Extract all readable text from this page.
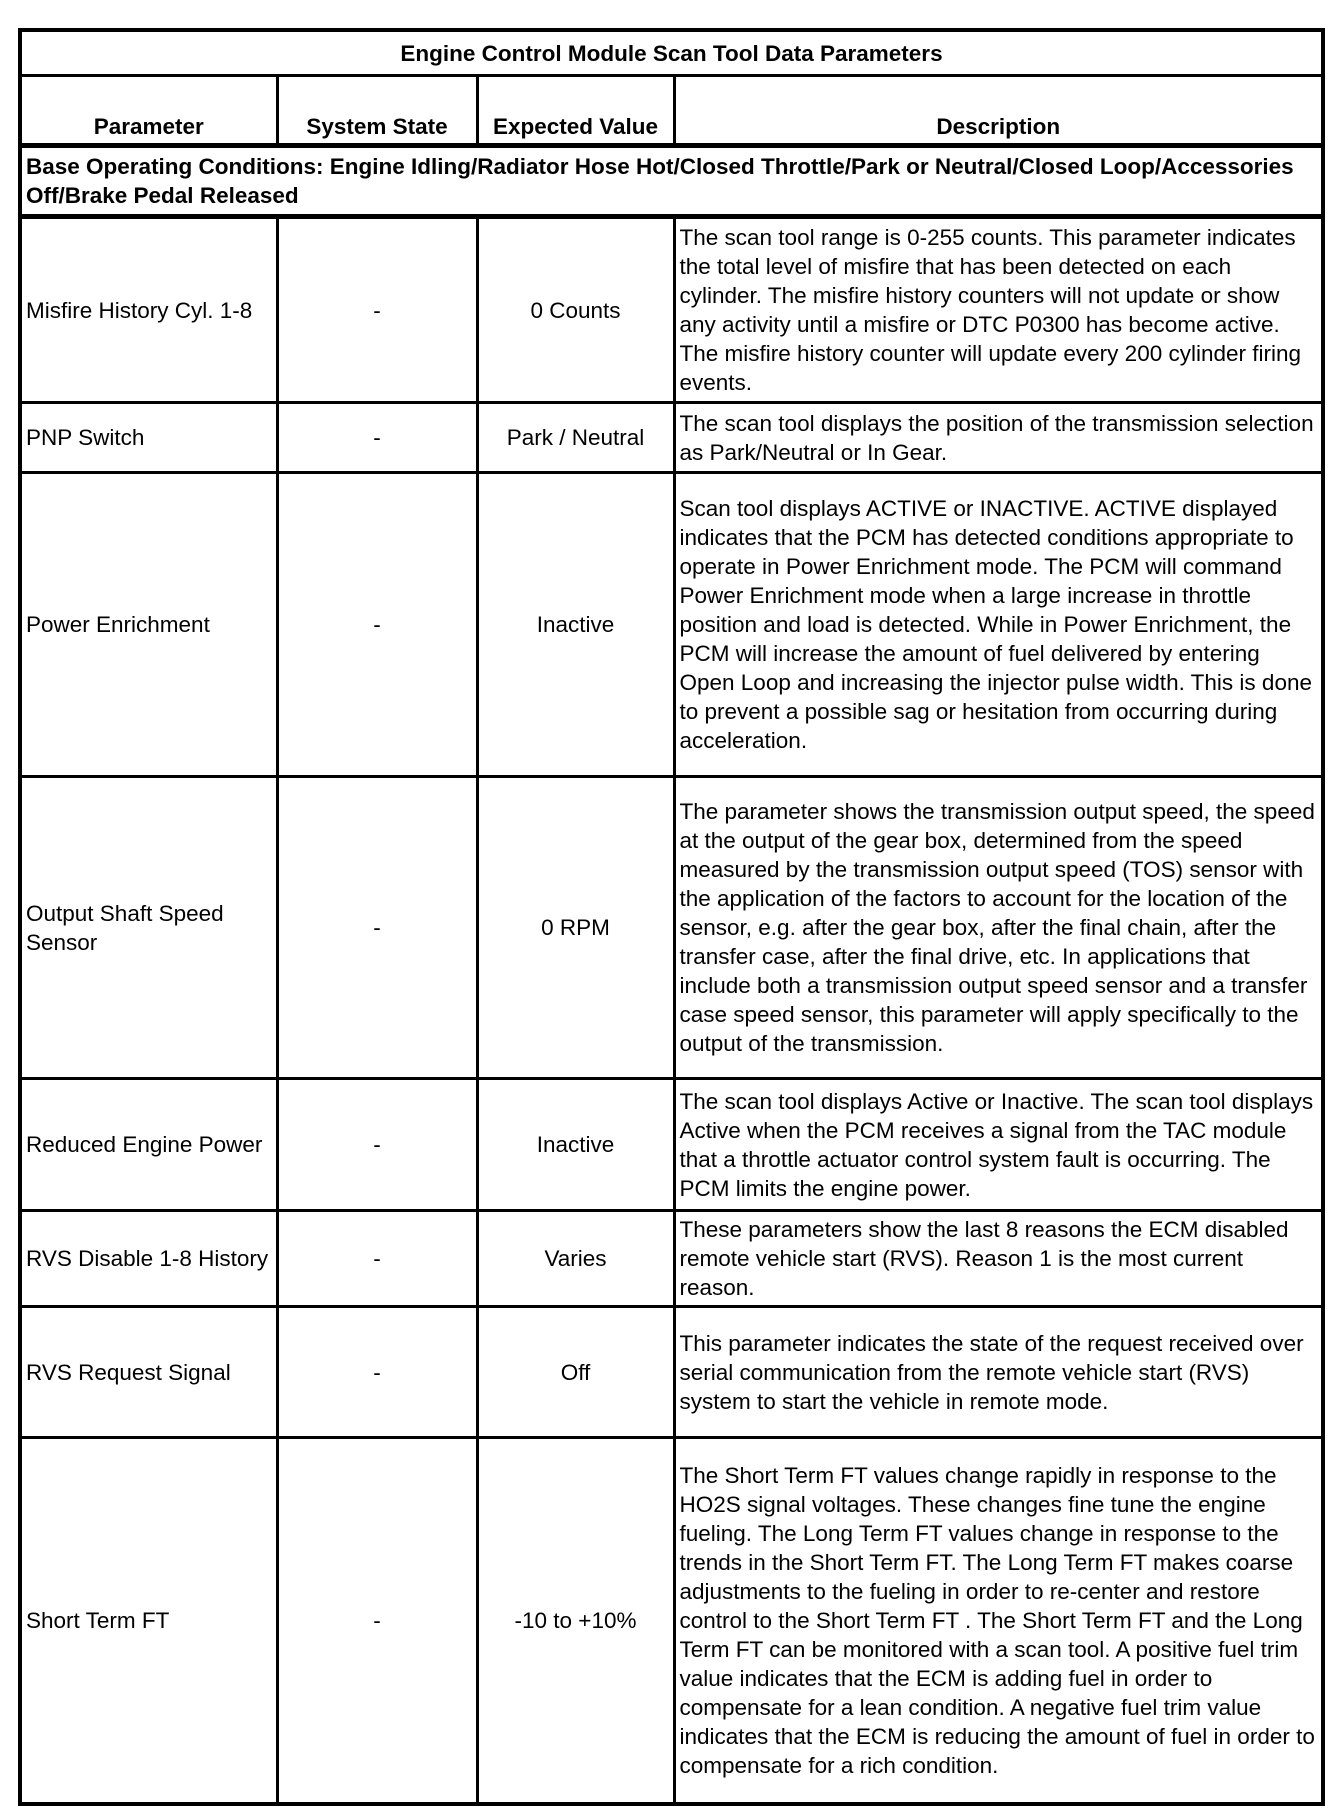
Engine Control Module Scan Tool Data Parameters			
Parameter	System State	Expected Value	Description
Base Operating Conditions: Engine Idling/Radiator Hose Hot/Closed Throttle/Park or Neutral/Closed Loop/Accessories Off/Brake Pedal Released			
Misfire History Cyl. 1-8	-	0 Counts	The scan tool range is 0-255 counts. This parameter indicates the total level of misfire that has been detected on each cylinder. The misfire history counters will not update or show any activity until a misfire or DTC P0300 has become active. The misfire history counter will update every 200 cylinder firing events.
PNP Switch	-	Park / Neutral	The scan tool displays the position of the transmission selection as Park/Neutral or In Gear.
Power Enrichment	-	Inactive	Scan tool displays ACTIVE or INACTIVE. ACTIVE displayed indicates that the PCM has detected conditions appropriate to operate in Power Enrichment mode. The PCM will command Power Enrichment mode when a large increase in throttle position and load is detected. While in Power Enrichment, the PCM will increase the amount of fuel delivered by entering Open Loop and increasing the injector pulse width. This is done to prevent a possible sag or hesitation from occurring during acceleration.
Output Shaft Speed Sensor	-	0 RPM	The parameter shows the transmission output speed, the speed at the output of the gear box, determined from the speed measured by the transmission output speed (TOS) sensor with the application of the factors to account for the location of the sensor, e.g. after the gear box, after the final chain, after the transfer case, after the final drive, etc. In applications that include both a transmission output speed sensor and a transfer case speed sensor, this parameter will apply specifically to the output of the transmission.
Reduced Engine Power	-	Inactive	The scan tool displays Active or Inactive. The scan tool displays Active when the PCM receives a signal from the TAC module that a throttle actuator control system fault is occurring. The PCM limits the engine power.
RVS Disable 1-8 History	-	Varies	These parameters show the last 8 reasons the ECM disabled remote vehicle start (RVS). Reason 1 is the most current reason.
RVS Request Signal	-	Off	This parameter indicates the state of the request received over serial communication from the remote vehicle start (RVS) system to start the vehicle in remote mode.
Short Term FT	-	-10 to +10%	The Short Term FT values change rapidly in response to the HO2S signal voltages. These changes fine tune the engine fueling. The Long Term FT values change in response to the trends in the Short Term FT. The Long Term FT makes coarse adjustments to the fueling in order to re-center and restore control to the Short Term FT . The Short Term FT and the Long Term FT can be monitored with a scan tool. A positive fuel trim value indicates that the ECM is adding fuel in order to compensate for a lean condition. A negative fuel trim value indicates that the ECM is reducing the amount of fuel in order to compensate for a rich condition.
